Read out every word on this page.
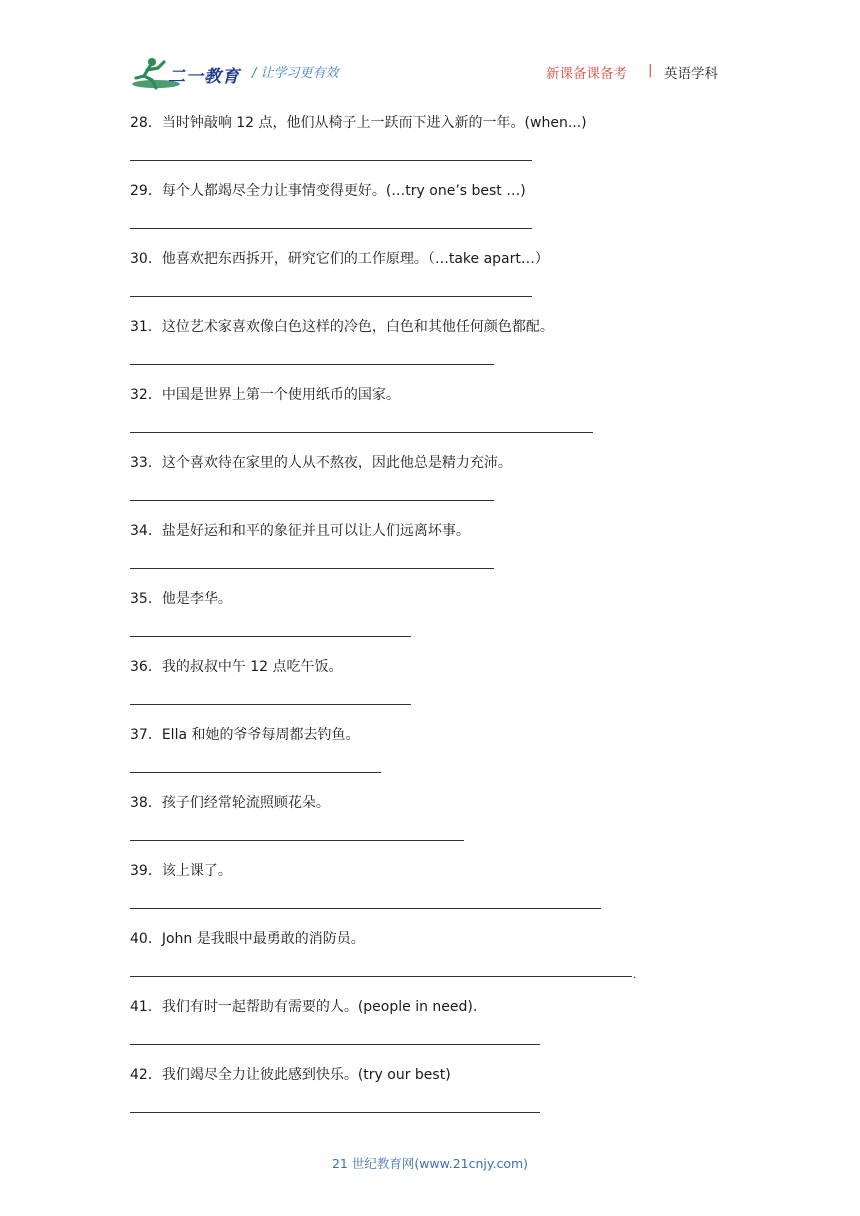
二一教育 / 让学习更有效	新课备课备考 | 英语学科
28．当时钟敲响 12 点，他们从椅子上一跃而下进入新的一年。(when...)
29．每个人都竭尽全力让事情变得更好。(…try one’s best …)
30．他喜欢把东西拆开，研究它们的工作原理。（…take apart…）
31．这位艺术家喜欢像白色这样的冷色，白色和其他任何颜色都配。
32．中国是世界上第一个使用纸币的国家。
33．这个喜欢待在家里的人从不熬夜，因此他总是精力充沛。
34．盐是好运和和平的象征并且可以让人们远离坏事。
35．他是李华。
36．我的叔叔中午 12 点吃午饭。
37．Ella 和她的爷爷每周都去钓鱼。
38．孩子们经常轮流照顾花朵。
39．该上课了。
40．John 是我眼中最勇敢的消防员。
.
41．我们有时一起帮助有需要的人。(people in need).
42．我们竭尽全力让彼此感到快乐。(try our best)
21 世纪教育网(www.21cnjy.com)
